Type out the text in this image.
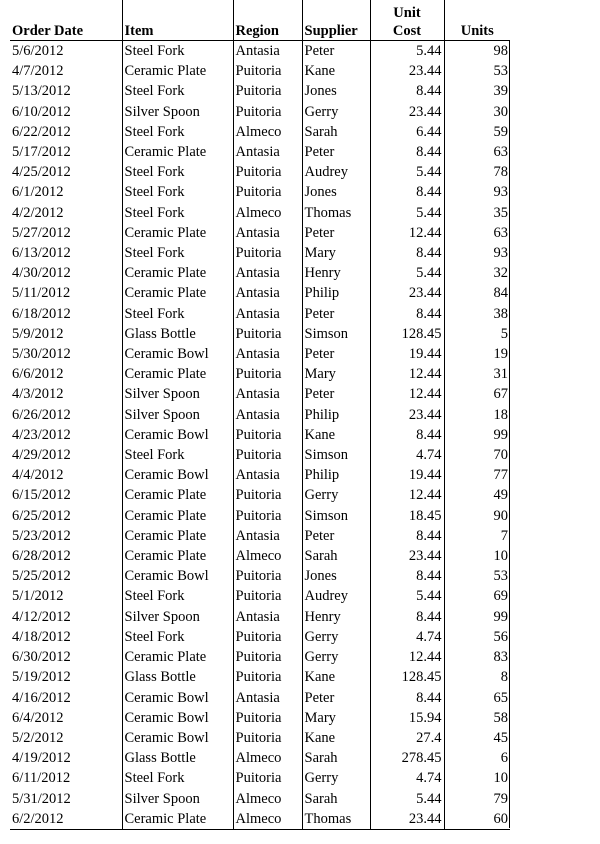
Order Date	Item	Region	Supplier	Unit Cost	Units
5/6/2012	Steel Fork	Antasia	Peter	5.44	98
4/7/2012	Ceramic Plate	Puitoria	Kane	23.44	53
5/13/2012	Steel Fork	Puitoria	Jones	8.44	39
6/10/2012	Silver Spoon	Puitoria	Gerry	23.44	30
6/22/2012	Steel Fork	Almeco	Sarah	6.44	59
5/17/2012	Ceramic Plate	Antasia	Peter	8.44	63
4/25/2012	Steel Fork	Puitoria	Audrey	5.44	78
6/1/2012	Steel Fork	Puitoria	Jones	8.44	93
4/2/2012	Steel Fork	Almeco	Thomas	5.44	35
5/27/2012	Ceramic Plate	Antasia	Peter	12.44	63
6/13/2012	Steel Fork	Puitoria	Mary	8.44	93
4/30/2012	Ceramic Plate	Antasia	Henry	5.44	32
5/11/2012	Ceramic Plate	Antasia	Philip	23.44	84
6/18/2012	Steel Fork	Antasia	Peter	8.44	38
5/9/2012	Glass Bottle	Puitoria	Simson	128.45	5
5/30/2012	Ceramic Bowl	Antasia	Peter	19.44	19
6/6/2012	Ceramic Plate	Puitoria	Mary	12.44	31
4/3/2012	Silver Spoon	Antasia	Peter	12.44	67
6/26/2012	Silver Spoon	Antasia	Philip	23.44	18
4/23/2012	Ceramic Bowl	Puitoria	Kane	8.44	99
4/29/2012	Steel Fork	Puitoria	Simson	4.74	70
4/4/2012	Ceramic Bowl	Antasia	Philip	19.44	77
6/15/2012	Ceramic Plate	Puitoria	Gerry	12.44	49
6/25/2012	Ceramic Plate	Puitoria	Simson	18.45	90
5/23/2012	Ceramic Plate	Antasia	Peter	8.44	7
6/28/2012	Ceramic Plate	Almeco	Sarah	23.44	10
5/25/2012	Ceramic Bowl	Puitoria	Jones	8.44	53
5/1/2012	Steel Fork	Puitoria	Audrey	5.44	69
4/12/2012	Silver Spoon	Antasia	Henry	8.44	99
4/18/2012	Steel Fork	Puitoria	Gerry	4.74	56
6/30/2012	Ceramic Plate	Puitoria	Gerry	12.44	83
5/19/2012	Glass Bottle	Puitoria	Kane	128.45	8
4/16/2012	Ceramic Bowl	Antasia	Peter	8.44	65
6/4/2012	Ceramic Bowl	Puitoria	Mary	15.94	58
5/2/2012	Ceramic Bowl	Puitoria	Kane	27.4	45
4/19/2012	Glass Bottle	Almeco	Sarah	278.45	6
6/11/2012	Steel Fork	Puitoria	Gerry	4.74	10
5/31/2012	Silver Spoon	Almeco	Sarah	5.44	79
6/2/2012	Ceramic Plate	Almeco	Thomas	23.44	60
